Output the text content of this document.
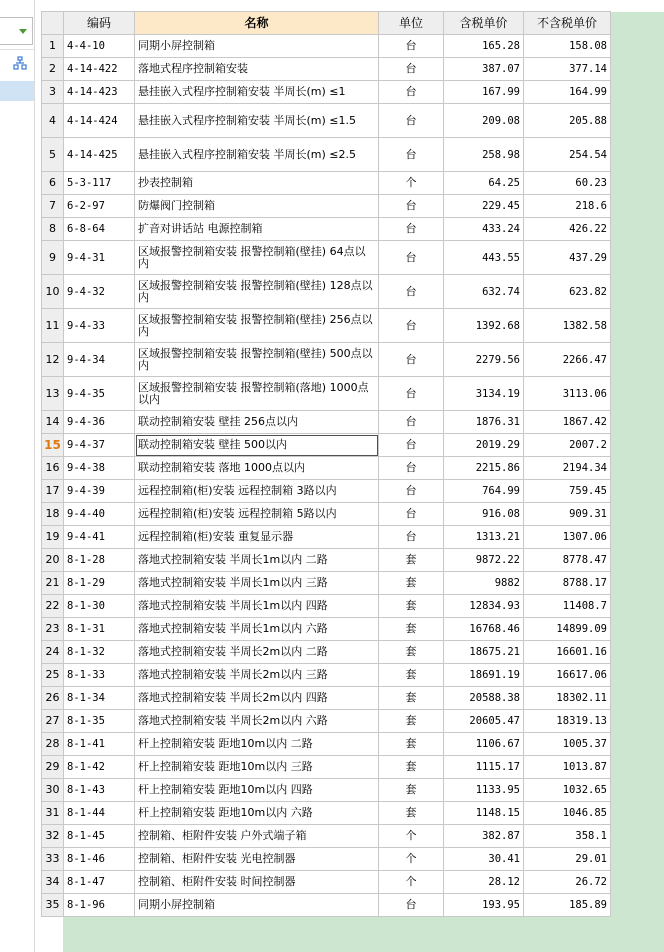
	编码	名称	单位	含税单价	不含税单价
1	4-4-10	同期小屏控制箱	台	165.28	158.08
2	4-14-422	落地式程序控制箱安装	台	387.07	377.14
3	4-14-423	悬挂嵌入式程序控制箱安装 半周长(m) ≤1	台	167.99	164.99
4	4-14-424	悬挂嵌入式程序控制箱安装 半周长(m) ≤1.5	台	209.08	205.88
5	4-14-425	悬挂嵌入式程序控制箱安装 半周长(m) ≤2.5	台	258.98	254.54
6	5-3-117	抄表控制箱	个	64.25	60.23
7	6-2-97	防爆阀门控制箱	台	229.45	218.6
8	6-8-64	扩音对讲话站 电源控制箱	台	433.24	426.22
9	9-4-31	区域报警控制箱安装 报警控制箱(壁挂) 64点以内	台	443.55	437.29
10	9-4-32	区域报警控制箱安装 报警控制箱(壁挂) 128点以内	台	632.74	623.82
11	9-4-33	区域报警控制箱安装 报警控制箱(壁挂) 256点以内	台	1392.68	1382.58
12	9-4-34	区域报警控制箱安装 报警控制箱(壁挂) 500点以内	台	2279.56	2266.47
13	9-4-35	区域报警控制箱安装 报警控制箱(落地) 1000点以内	台	3134.19	3113.06
14	9-4-36	联动控制箱安装 壁挂 256点以内	台	1876.31	1867.42
15	9-4-37	联动控制箱安装 壁挂 500以内	台	2019.29	2007.2
16	9-4-38	联动控制箱安装 落地 1000点以内	台	2215.86	2194.34
17	9-4-39	远程控制箱(柜)安装 远程控制箱 3路以内	台	764.99	759.45
18	9-4-40	远程控制箱(柜)安装 远程控制箱 5路以内	台	916.08	909.31
19	9-4-41	远程控制箱(柜)安装 重复显示器	台	1313.21	1307.06
20	8-1-28	落地式控制箱安装 半周长1m以内 二路	套	9872.22	8778.47
21	8-1-29	落地式控制箱安装 半周长1m以内 三路	套	9882	8788.17
22	8-1-30	落地式控制箱安装 半周长1m以内 四路	套	12834.93	11408.7
23	8-1-31	落地式控制箱安装 半周长1m以内 六路	套	16768.46	14899.09
24	8-1-32	落地式控制箱安装 半周长2m以内 二路	套	18675.21	16601.16
25	8-1-33	落地式控制箱安装 半周长2m以内 三路	套	18691.19	16617.06
26	8-1-34	落地式控制箱安装 半周长2m以内 四路	套	20588.38	18302.11
27	8-1-35	落地式控制箱安装 半周长2m以内 六路	套	20605.47	18319.13
28	8-1-41	杆上控制箱安装 距地10m以内 二路	套	1106.67	1005.37
29	8-1-42	杆上控制箱安装 距地10m以内 三路	套	1115.17	1013.87
30	8-1-43	杆上控制箱安装 距地10m以内 四路	套	1133.95	1032.65
31	8-1-44	杆上控制箱安装 距地10m以内 六路	套	1148.15	1046.85
32	8-1-45	控制箱、柜附件安装 户外式端子箱	个	382.87	358.1
33	8-1-46	控制箱、柜附件安装 光电控制器	个	30.41	29.01
34	8-1-47	控制箱、柜附件安装 时间控制器	个	28.12	26.72
35	8-1-96	同期小屏控制箱	台	193.95	185.89
